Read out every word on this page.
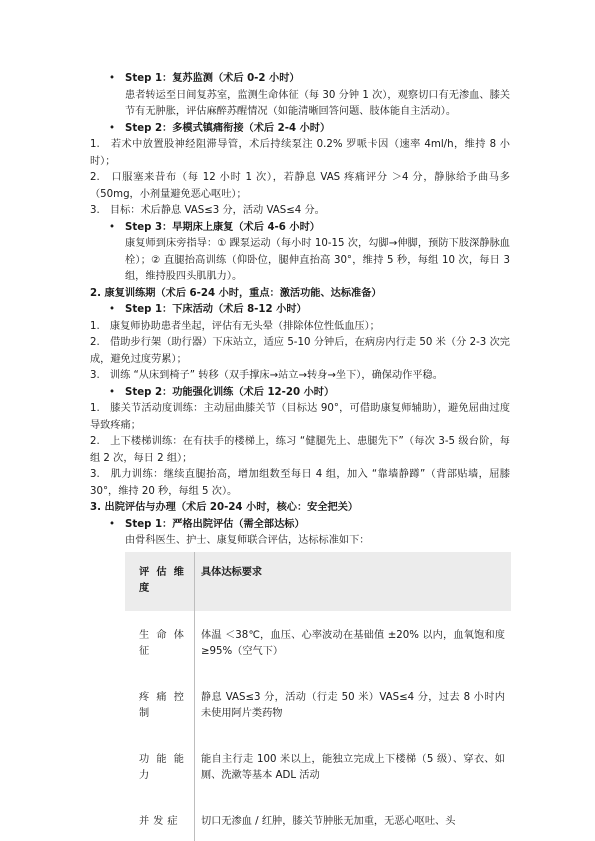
• Step 1：复苏监测（术后 0-2 小时）
患者转运至日间复苏室，监测生命体征（每 30 分钟 1 次），观察切口有无渗血、膝关节有无肿胀，评估麻醉苏醒情况（如能清晰回答问题、肢体能自主活动）。
• Step 2：多模式镇痛衔接（术后 2-4 小时）
1.　若术中放置股神经阻滞导管，术后持续泵注 0.2% 罗哌卡因（速率 4ml/h，维持 8 小时）；
2.　口服塞来昔布（每 12 小时 1 次），若静息 VAS 疼痛评分 ＞4 分，静脉给予曲马多（50mg，小剂量避免恶心呕吐）；
3.　目标：术后静息 VAS≤3 分，活动 VAS≤4 分。
• Step 3：早期床上康复（术后 4-6 小时）
康复师到床旁指导：① 踝泵运动（每小时 10-15 次，勾脚→伸脚，预防下肢深静脉血栓）；② 直腿抬高训练（仰卧位，腿伸直抬高 30°，维持 5 秒，每组 10 次，每日 3 组，维持股四头肌肌力）。
2. 康复训练期（术后 6-24 小时，重点：激活功能、达标准备）
• Step 1：下床活动（术后 8-12 小时）
1.　康复师协助患者坐起，评估有无头晕（排除体位性低血压）；
2.　借助步行架（助行器）下床站立，适应 5-10 分钟后，在病房内行走 50 米（分 2-3 次完成，避免过度劳累）；
3.　训练 “从床到椅子” 转移（双手撑床→站立→转身→坐下），确保动作平稳。
• Step 2：功能强化训练（术后 12-20 小时）
1.　膝关节活动度训练：主动屈曲膝关节（目标达 90°，可借助康复师辅助），避免屈曲过度导致疼痛；
2.　上下楼梯训练：在有扶手的楼梯上，练习 “健腿先上、患腿先下”（每次 3-5 级台阶，每组 2 次，每日 2 组）；
3.　肌力训练：继续直腿抬高，增加组数至每日 4 组，加入 “靠墙静蹲”（背部贴墙，屈膝 30°，维持 20 秒，每组 5 次）。
3. 出院评估与办理（术后 20-24 小时，核心：安全把关）
• Step 1：严格出院评估（需全部达标）
由骨科医生、护士、康复师联合评估，达标标准如下：
评估维度	具体达标要求
生命体征	体温 ＜38℃，血压、心率波动在基础值 ±20% 以内，血氧饱和度≥95%（空气下）
疼痛控制	静息 VAS≤3 分，活动（行走 50 米）VAS≤4 分，过去 8 小时内未使用阿片类药物
功能能力	能自主行走 100 米以上，能独立完成上下楼梯（5 级）、穿衣、如厕、洗漱等基本 ADL 活动
并发症	切口无渗血 / 红肿，膝关节肿胀无加重，无恶心呕吐、头
